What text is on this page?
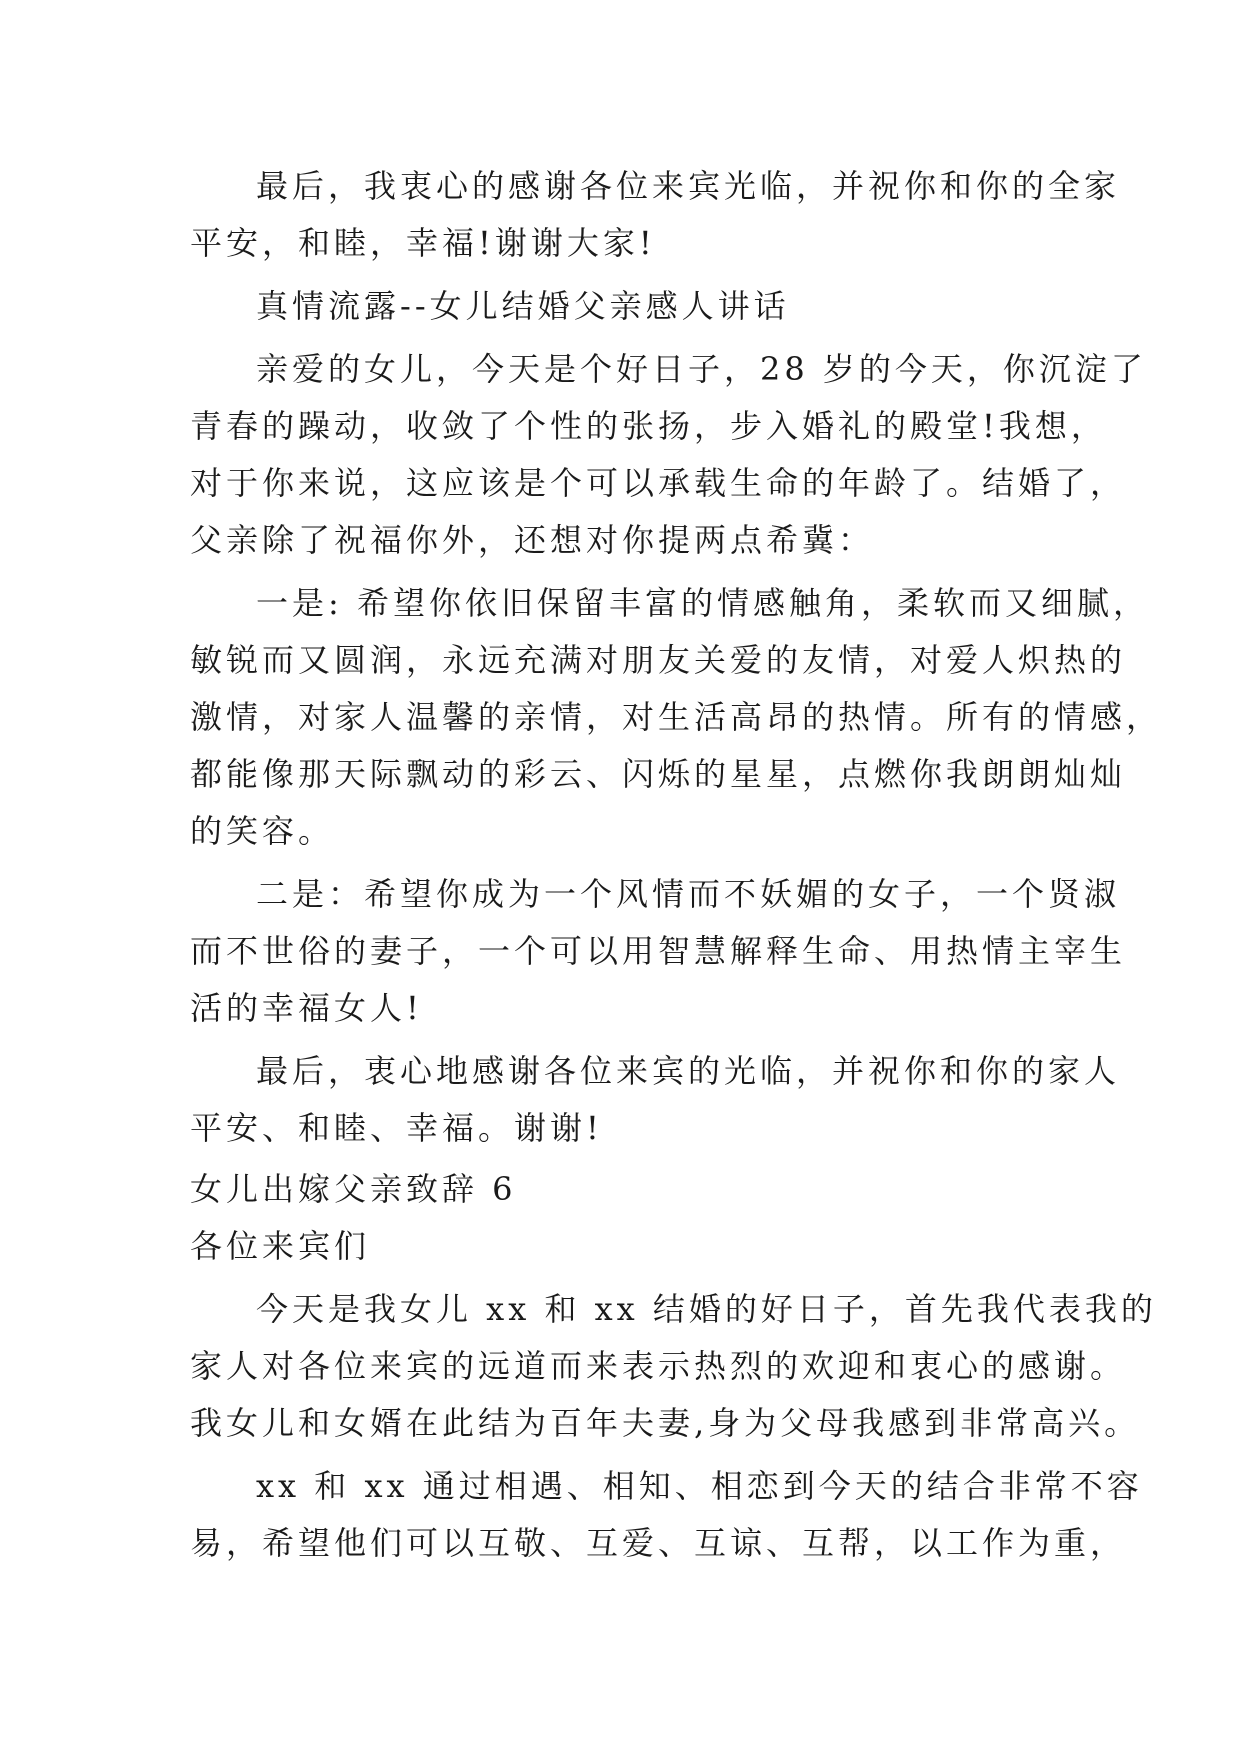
最后，我衷心的感谢各位来宾光临，并祝你和你的全家

平安，和睦，幸福!谢谢大家!

真情流露--女儿结婚父亲感人讲话

亲爱的女儿，今天是个好日子，28 岁的今天，你沉淀了

青春的躁动，收敛了个性的张扬，步入婚礼的殿堂!我想，

对于你来说，这应该是个可以承载生命的年龄了。结婚了，

父亲除了祝福你外，还想对你提两点希冀：

一是: 希望你依旧保留丰富的情感触角，柔软而又细腻，

敏锐而又圆润，永远充满对朋友关爱的友情，对爱人炽热的

激情，对家人温馨的亲情，对生活高昂的热情。所有的情感，

都能像那天际飘动的彩云、闪烁的星星，点燃你我朗朗灿灿

的笑容。

二是：希望你成为一个风情而不妖媚的女子，一个贤淑

而不世俗的妻子，一个可以用智慧解释生命、用热情主宰生

活的幸福女人!

最后，衷心地感谢各位来宾的光临，并祝你和你的家人

平安、和睦、幸福。谢谢!

女儿出嫁父亲致辞 6

各位来宾们

今天是我女儿 xx 和 xx 结婚的好日子，首先我代表我的

家人对各位来宾的远道而来表示热烈的欢迎和衷心的感谢。

我女儿和女婿在此结为百年夫妻,身为父母我感到非常高兴。

xx 和 xx 通过相遇、相知、相恋到今天的结合非常不容

易，希望他们可以互敬、互爱、互谅、互帮，以工作为重，
